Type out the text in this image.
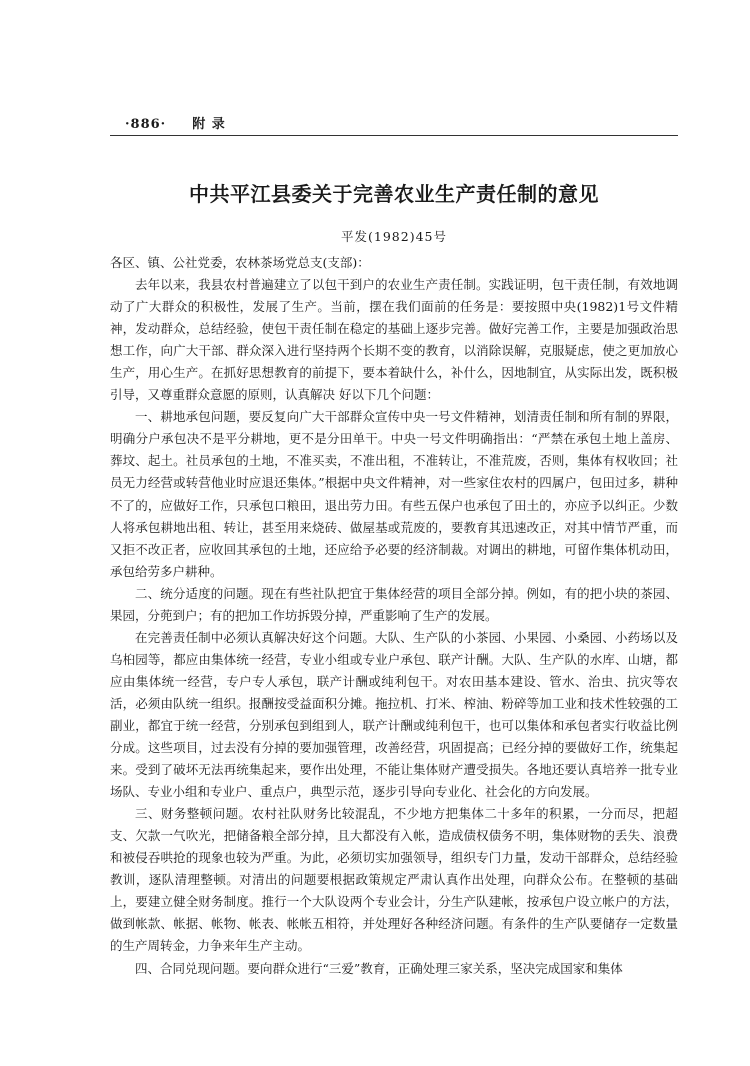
·886· 附 录
中共平江县委关于完善农业生产责任制的意见
平发(1982)45号

各区、镇、公社党委，农林茶场党总支(支部)：

去年以来，我县农村普遍建立了以包干到户的农业生产责任制。实践证明，包干责任制，有效地调动了广大群众的积极性，发展了生产。当前，摆在我们面前的任务是：要按照中央(1982)1号文件精神，发动群众，总结经验，使包干责任制在稳定的基础上逐步完善。做好完善工作，主要是加强政治思想工作，向广大干部、群众深入进行坚持两个长期不变的教育，以消除误解，克服疑虑，使之更加放心生产，用心生产。在抓好思想教育的前提下，要本着缺什么，补什么，因地制宜，从实际出发，既积极引导，又尊重群众意愿的原则，认真解决 好以下几个问题：

一、耕地承包问题，要反复向广大干部群众宣传中央一号文件精神，划清责任制和所有制的界限，明确分户承包决不是平分耕地，更不是分田单干。中央一号文件明确指出：“严禁在承包土地上盖房、葬坟、起土。社员承包的土地，不准买卖，不准出租，不准转让，不准荒废，否则，集体有权收回；社员无力经营或转营他业时应退还集体。”根据中央文件精神，对一些家住农村的四属户，包田过多，耕种不了的，应做好工作，只承包口粮田，退出劳力田。有些五保户也承包了田土的，亦应予以纠正。少数人将承包耕地出租、转让，甚至用来烧砖、做屋基或荒废的，要教育其迅速改正，对其中情节严重，而又拒不改正者，应收回其承包的土地，还应给予必要的经济制裁。对调出的耕地，可留作集体机动田，承包给劳多户耕种。

二、统分适度的问题。现在有些社队把宜于集体经营的项目全部分掉。例如，有的把小块的茶园、果园，分蔸到户；有的把加工作坊拆毁分掉，严重影响了生产的发展。

在完善责任制中必须认真解决好这个问题。大队、生产队的小茶园、小果园、小桑园、小药场以及乌桕园等，都应由集体统一经营，专业小组或专业户承包、联产计酬。大队、生产队的水库、山塘，都应由集体统一经营，专户专人承包，联产计酬或纯利包干。对农田基本建设、管水、治虫、抗灾等农活，必须由队统一组织。报酬按受益面积分摊。拖拉机、打米、榨油、粉碎等加工业和技术性较强的工副业，都宜于统一经营，分别承包到组到人，联产计酬或纯利包干，也可以集体和承包者实行收益比例分成。这些项目，过去没有分掉的要加强管理，改善经营，巩固提高；已经分掉的要做好工作，统集起来。受到了破坏无法再统集起来，要作出处理，不能让集体财产遭受损失。各地还要认真培养一批专业场队、专业小组和专业户、重点户，典型示范，逐步引导向专业化、社会化的方向发展。

三、财务整顿问题。农村社队财务比较混乱，不少地方把集体二十多年的积累，一分而尽，把超支、欠款一气吹光，把储备粮全部分掉，且大都没有入帐，造成债权债务不明，集体财物的丢失、浪费和被侵吞哄抢的现象也较为严重。为此，必须切实加强领导，组织专门力量，发动干部群众，总结经验教训，逐队清理整顿。对清出的问题要根据政策规定严肃认真作出处理，向群众公布。在整顿的基础上，要建立健全财务制度。推行一个大队设两个专业会计，分生产队建帐，按承包户设立帐户的方法，做到帐款、帐据、帐物、帐表、帐帐五相符，并处理好各种经济问题。有条件的生产队要储存一定数量的生产周转金，力争来年生产主动。

四、合同兑现问题。要向群众进行“三爱”教育，正确处理三家关系，坚决完成国家和集体
